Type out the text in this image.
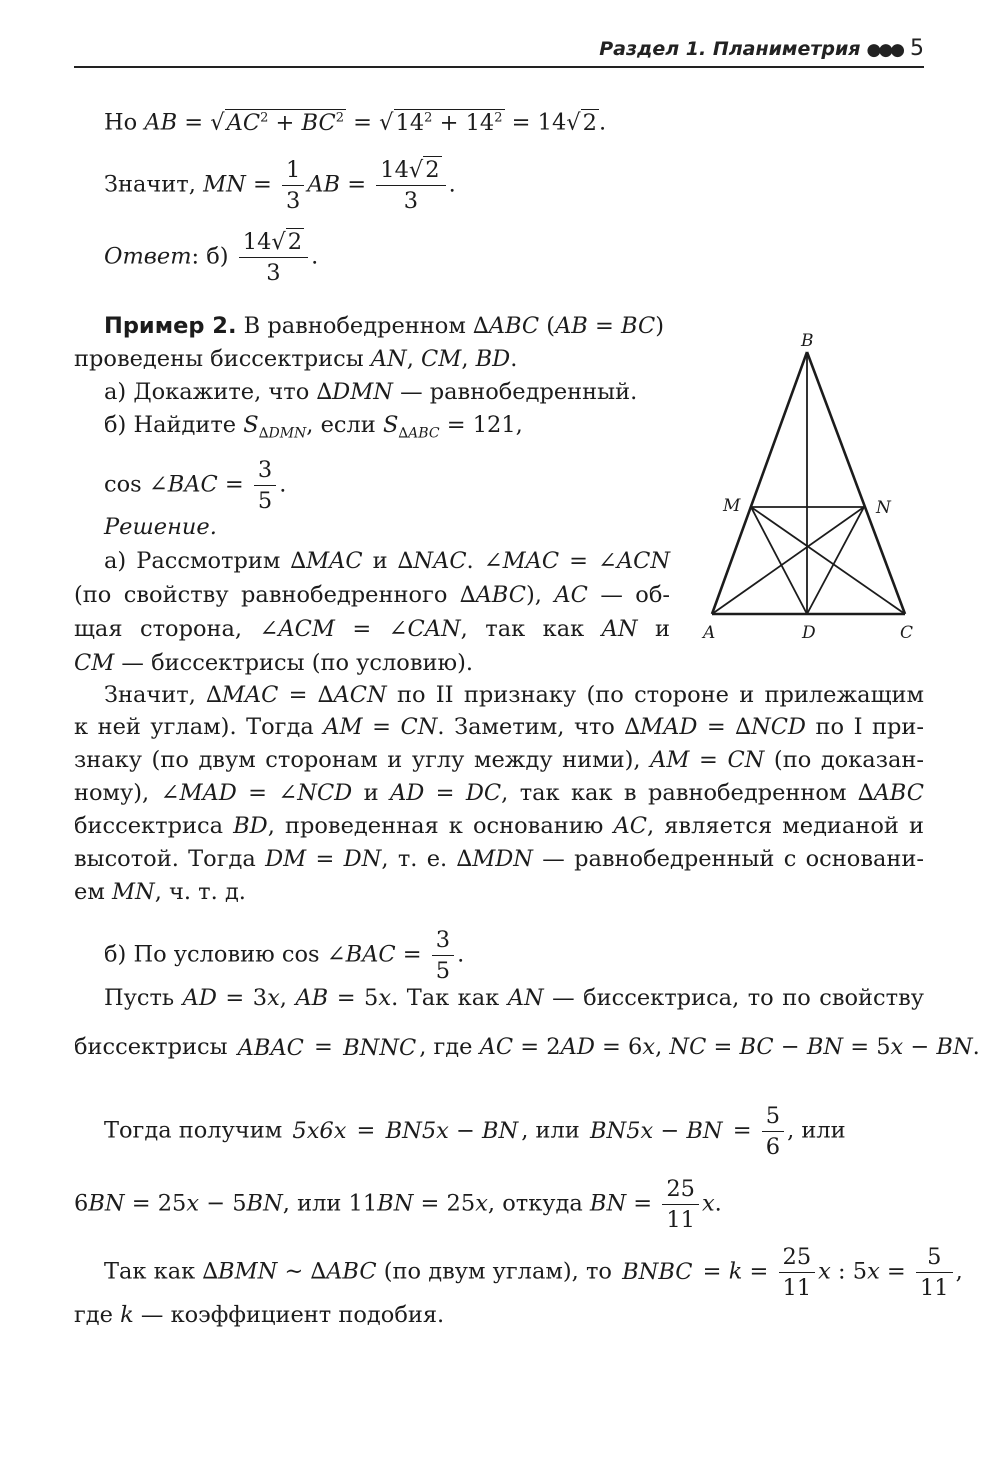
Раздел 1. Планиметрия ●●● 5
Но AB = $√AC^2 + BC^2 = √14^2 + 14^2 = 14√2$.
Значит, MN = $\frac{1}{3}$ AB = $\frac{14√2}{3}$ .
Ответ: $б) \frac{14√2}{3}$ .
Пример 2. В равнобедренном ∆ABC (AB = BC)
проведены биссектрисы AN, CM, BD.
а) Докажите, что ∆DMN — равнобедренный.
б) Найдите $S_{\Delta DMN}$, если $S_{\Delta ABC} = 121$,
cos ∠BAC = $\frac{3}{5}$ .
Решение.
а) Рассмотрим ∆MAC и ∆NAC. ∠MAC = ∠ACN
(по свойству равнобедренного ∆ABC), AC — об-
щая сторона, ∠ACM = ∠CAN, так как AN и
CM — биссектрисы (по условию).
Значит, ∆MAC = ∆ACN по II признаку (по стороне и прилежащим
к ней углам). Тогда AM = CN. Заметим, что ∆MAD = ∆NCD по I при-
знаку (по двум сторонам и углу между ними), AM = CN (по доказан-
ному), ∠MAD = ∠NCD и AD = DC, так как в равнобедренном ∆ABC
биссектриса BD, проведенная к основанию AC, является медианой и
высотой. Тогда DM = DN, т. е. ∆MDN — равнобедренный с основани-
ем MN, ч. т. д.
б) По условию cos ∠BAC = $\frac{3}{5}$ .
Пусть AD = 3x, AB = 5x. Так как AN — биссектриса, то по свойству
биссектрисы ABAC = BNNC , где AC = 2AD = 6x, NC = BC − BN = 5x − BN.
Тогда получим 5x6x = BN5x − BN , или BN5x − BN = $\frac{5}{6}$ , или
6BN = 25x − 5BN, или 11BN = 25x, откуда BN = $\frac{25}{11} x$.
Так как ∆BMN ~ ∆ABC (по двум углам), то BNBC = $k = \frac{25}{11}$ x : $5x = \frac{5}{11}$ ,
где k — коэффициент подобия.
B
M	N
A	D	C
